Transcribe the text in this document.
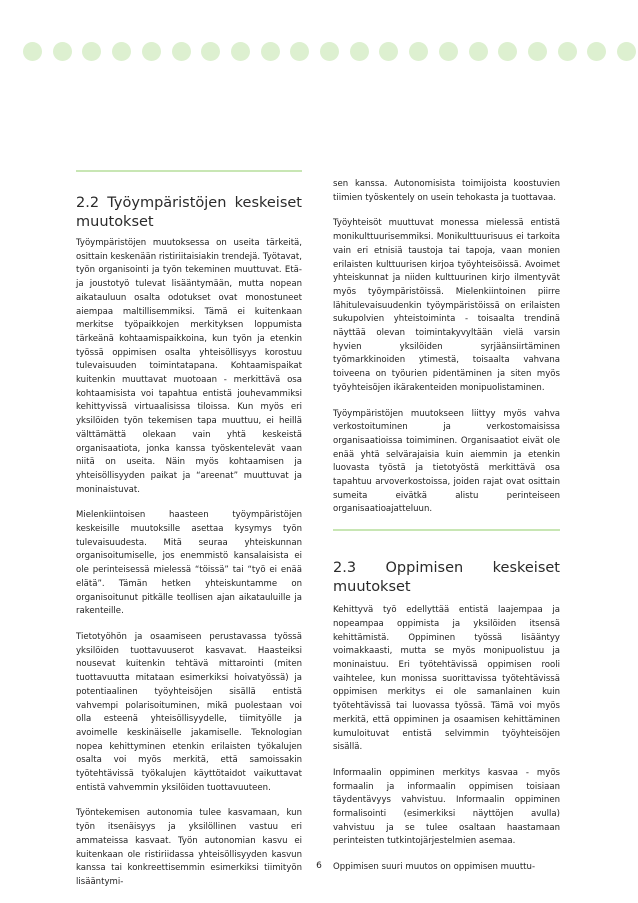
2.2 Työympäristöjen keskeiset muutokset

Työympäristöjen muutoksessa on useita tärkeitä, osittain keskenään ristiriitaisiakin trendejä. Työtavat, työn organisointi ja työn tekeminen muuttuvat. Etä- ja joustotyö tulevat lisääntymään, mutta nopean aikatauluun osalta odotukset ovat monostuneet aiempaa maltillisemmiksi. Tämä ei kuitenkaan merkitse työpaikkojen merkityksen loppumista tärkeänä kohtaamispaikkoina, kun työn ja etenkin työssä oppimisen osalta yhteisöllisyys korostuu tulevaisuuden toimintatapana. Kohtaamispaikat kuitenkin muuttavat muotoaan - merkittävä osa kohtaamisista voi tapahtua entistä jouhevammiksi kehittyvissä virtuaalisissa tiloissa. Kun myös eri yksilöiden työn tekemisen tapa muuttuu, ei heillä välttämättä olekaan vain yhtä keskeistä organisaatiota, jonka kanssa työskentelevät vaan niitä on useita. Näin myös kohtaamisen ja yhteisöllisyyden paikat ja “areenat” muuttuvat ja moninaistuvat.

Mielenkiintoisen haasteen työympäristöjen keskeisille muutoksille asettaa kysymys työn tulevaisuudesta. Mitä seuraa yhteiskunnan organisoitumiselle, jos enemmistö kansalaisista ei ole perinteisessä mielessä “töissä” tai “työ ei enää elätä”. Tämän hetken yhteiskuntamme on organisoitunut pitkälle teollisen ajan aikatauluille ja rakenteille.

Tietotyöhön ja osaamiseen perustavassa työssä yksilöiden tuottavuuserot kasvavat. Haasteiksi nousevat kuitenkin tehtävä mittarointi (miten tuottavuutta mitataan esimerkiksi hoivatyössä) ja potentiaalinen työyhteisöjen sisällä entistä vahvempi polarisoituminen, mikä puolestaan voi olla esteenä yhteisöllisyydelle, tiimityölle ja avoimelle keskinäiselle jakamiselle. Teknologian nopea kehittyminen etenkin erilaisten työkalujen osalta voi myös merkitä, että samoissakin työtehtävissä työkalujen käyttötaidot vaikuttavat entistä vahvemmin yksilöiden tuottavuuteen.

Työntekemisen autonomia tulee kasvamaan, kun työn itsenäisyys ja yksilöllinen vastuu eri ammateissa kasvaat. Työn autonomian kasvu ei kuitenkaan ole ristiriidassa yhteisöllisyyden kasvun kanssa tai konkreettisemmin esimerkiksi tiimityön lisääntymi-

sen kanssa. Autonomisista toimijoista koostuvien tiimien työskentely on usein tehokasta ja tuottavaa.

Työyhteisöt muuttuvat monessa mielessä entistä monikulttuurisemmiksi. Monikulttuurisuus ei tarkoita vain eri etnisiä taustoja tai tapoja, vaan monien erilaisten kulttuurisen kirjoa työyhteisöissä. Avoimet yhteiskunnat ja niiden kulttuurinen kirjo ilmentyvät myös työympäristöissä. Mielenkiintoinen piirre lähitulevaisuudenkin työympäristöissä on erilaisten sukupolvien yhteistoiminta - toisaalta trendinä näyttää olevan toimintakyvyltään vielä varsin hyvien yksilöiden syrjäänsiirtäminen työmarkkinoiden ytimestä, toisaalta vahvana toiveena on työurien pidentäminen ja siten myös työyhteisöjen ikärakenteiden monipuolistaminen.

Työympäristöjen muutokseen liittyy myös vahva verkostoituminen ja verkostomaisissa organisaatioissa toimiminen. Organisaatiot eivät ole enää yhtä selvärajaisia kuin aiemmin ja etenkin luovasta työstä ja tietotyöstä merkittävä osa tapahtuu arvoverkostoissa, joiden rajat ovat osittain sumeita eivätkä alistu perinteiseen organisaatioajatteluun.

2.3 Oppimisen keskeiset muutokset

Kehittyvä työ edellyttää entistä laajempaa ja nopeampaa oppimista ja yksilöiden itsensä kehittämistä. Oppiminen työssä lisääntyy voimakkaasti, mutta se myös monipuolistuu ja moninaistuu. Eri työtehtävissä oppimisen rooli vaihtelee, kun monissa suorittavissa työtehtävissä oppimisen merkitys ei ole samanlainen kuin työtehtävissä tai luovassa työssä. Tämä voi myös merkitä, että oppiminen ja osaamisen kehittäminen kumuloituvat entistä selvimmin työyhteisöjen sisällä.

Informaalin oppiminen merkitys kasvaa - myös formaalin ja informaalin oppimisen toisiaan täydentävyys vahvistuu. Informaalin oppiminen formalisointi (esimerkiksi näyttöjen avulla) vahvistuu ja se tulee osaltaan haastamaan perinteisten tutkintojärjestelmien asemaa.

Oppimisen suuri muutos on oppimisen muuttu-

6
